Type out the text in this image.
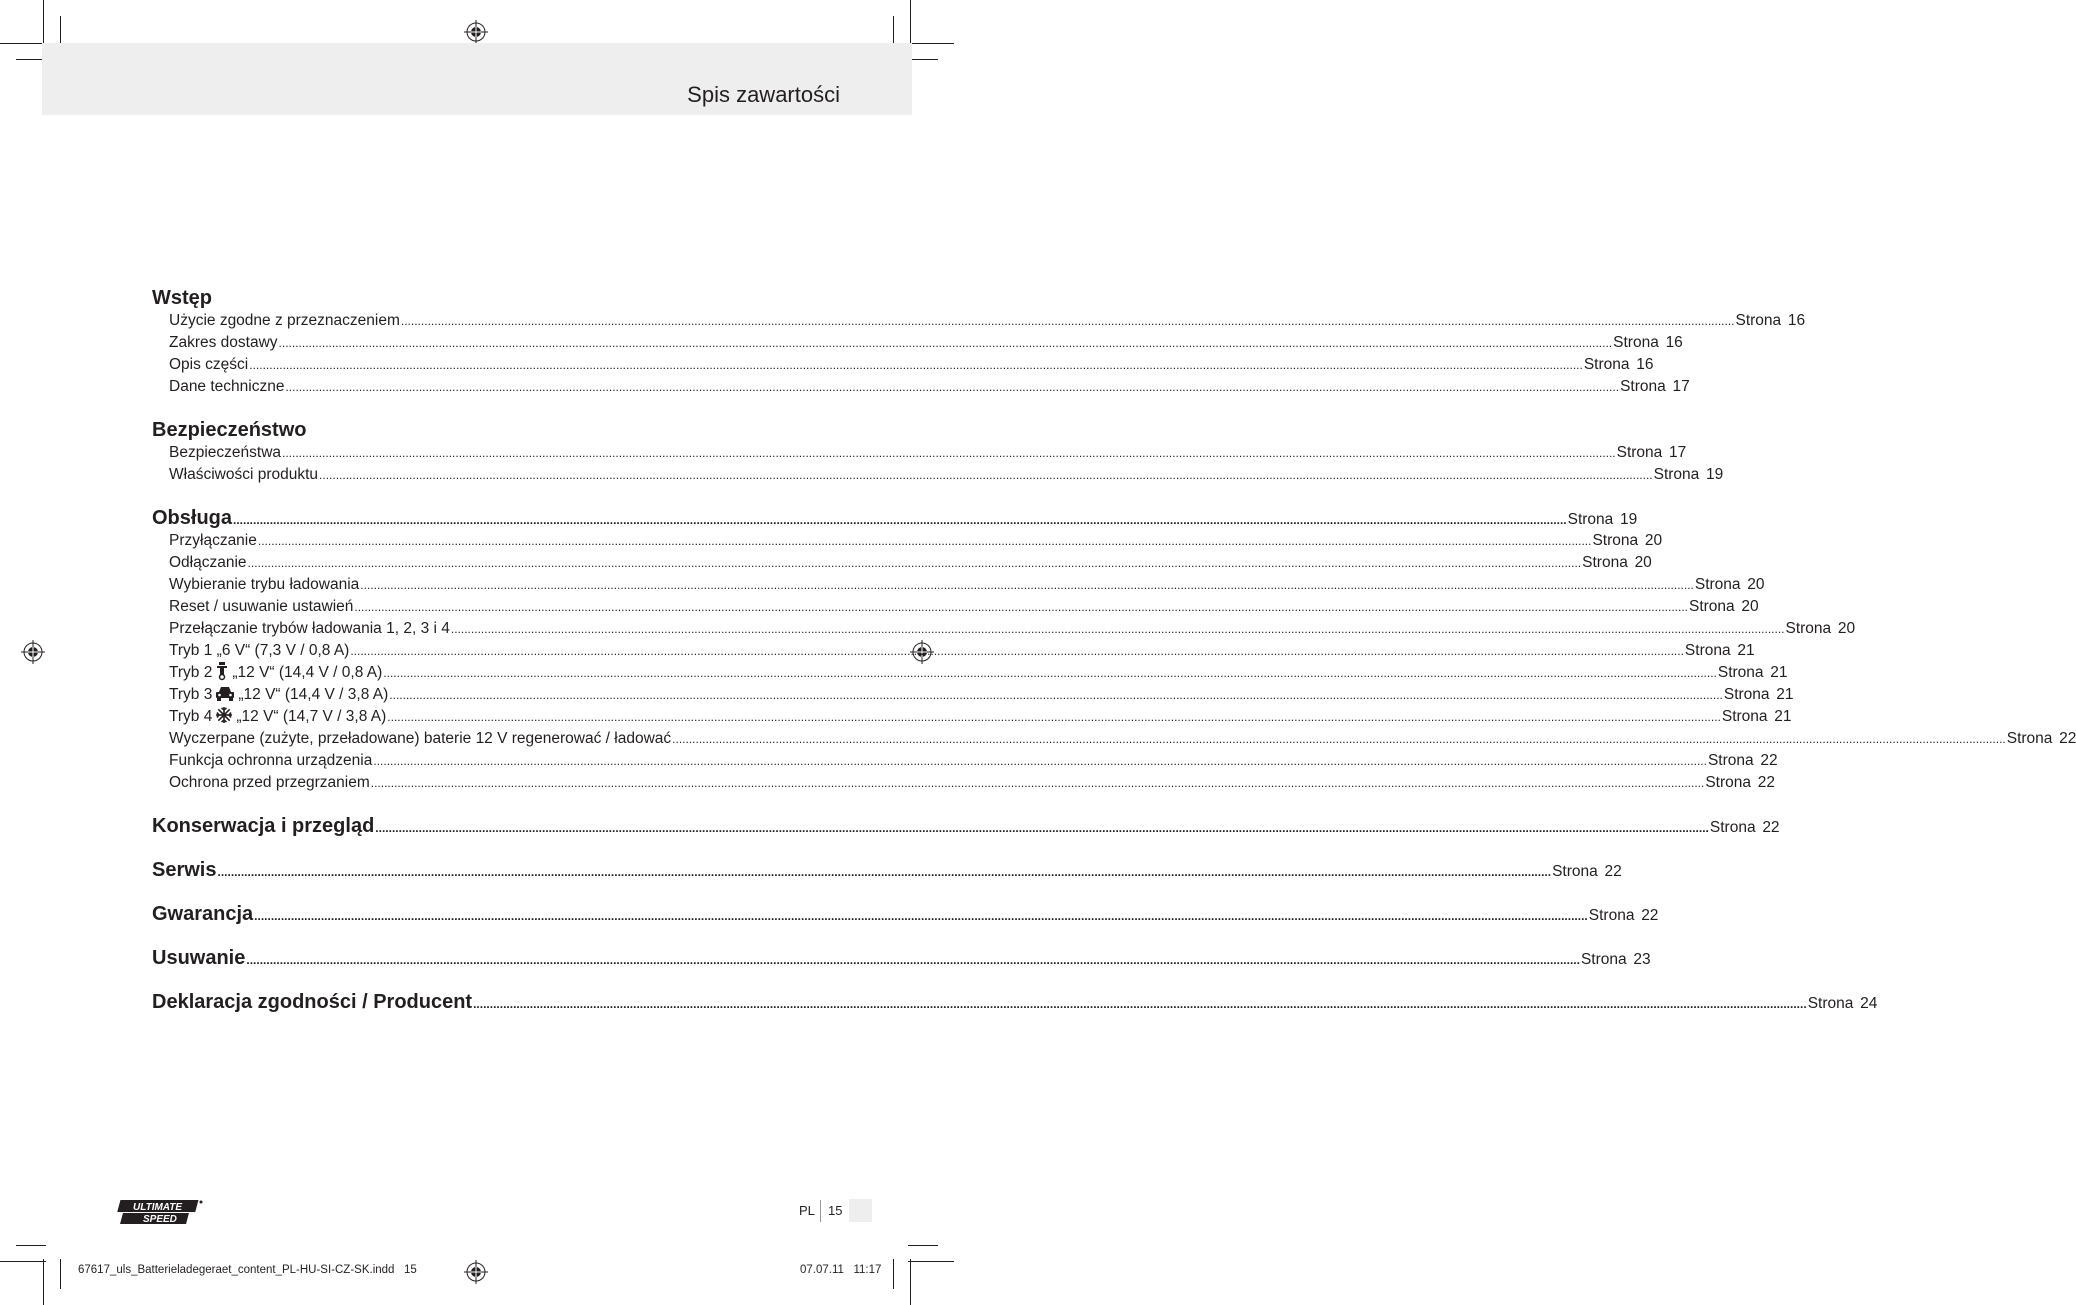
Spis zawartości
Wstęp
Użycie zgodne z przeznaczeniem ................................................................................................................................................................................................................................................................................................................................................................................................................ Strona 16
Zakres dostawy ................................................................................................................................................................................................................................................................................................................................................................................................................ Strona 16
Opis części ................................................................................................................................................................................................................................................................................................................................................................................................................ Strona 16
Dane techniczne ................................................................................................................................................................................................................................................................................................................................................................................................................ Strona 17
Bezpieczeństwo
Bezpieczeństwa ................................................................................................................................................................................................................................................................................................................................................................................................................ Strona 17
Właściwości produktu ................................................................................................................................................................................................................................................................................................................................................................................................................ Strona 19
Obsługa ................................................................................................................................................................................................................................................................................................................................................................................................................ Strona 19
Przyłączanie ................................................................................................................................................................................................................................................................................................................................................................................................................ Strona 20
Odłączanie ................................................................................................................................................................................................................................................................................................................................................................................................................ Strona 20
Wybieranie trybu ładowania ................................................................................................................................................................................................................................................................................................................................................................................................................ Strona 20
Reset / usuwanie ustawień ................................................................................................................................................................................................................................................................................................................................................................................................................ Strona 20
Przełączanie trybów ładowania 1, 2, 3 i 4 ................................................................................................................................................................................................................................................................................................................................................................................................................ Strona 20
Tryb 1 „6 V“ (7,3 V / 0,8 A) ................................................................................................................................................................................................................................................................................................................................................................................................................ Strona 21
Tryb 2 „12 V“ (14,4 V / 0,8 A) ................................................................................................................................................................................................................................................................................................................................................................................................................ Strona 21
Tryb 3 „12 V“ (14,4 V / 3,8 A) ................................................................................................................................................................................................................................................................................................................................................................................................................ Strona 21
Tryb 4 „12 V“ (14,7 V / 3,8 A) ................................................................................................................................................................................................................................................................................................................................................................................................................ Strona 21
Wyczerpane (zużyte, przeładowane) baterie 12 V regenerować / ładować ................................................................................................................................................................................................................................................................................................................................................................................................................ Strona 22
Funkcja ochronna urządzenia ................................................................................................................................................................................................................................................................................................................................................................................................................ Strona 22
Ochrona przed przegrzaniem ................................................................................................................................................................................................................................................................................................................................................................................................................ Strona 22
Konserwacja i przegląd ................................................................................................................................................................................................................................................................................................................................................................................................................ Strona 22
Serwis ................................................................................................................................................................................................................................................................................................................................................................................................................ Strona 22
Gwarancja ................................................................................................................................................................................................................................................................................................................................................................................................................ Strona 22
Usuwanie ................................................................................................................................................................................................................................................................................................................................................................................................................ Strona 23
Deklaracja zgodności / Producent ................................................................................................................................................................................................................................................................................................................................................................................................................ Strona 24
ULTIMATE
SPEED
PL 15
67617_uls_Batterieladegeraet_content_PL-HU-SI-CZ-SK.indd   15	07.07.11   11:17
